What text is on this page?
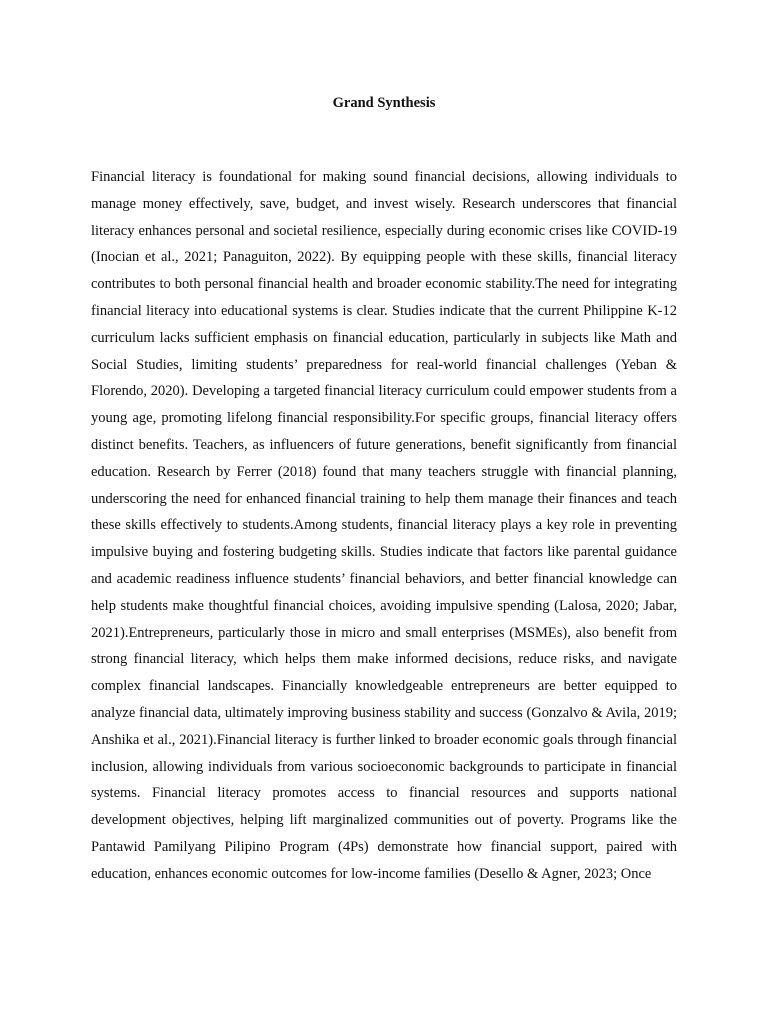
Grand Synthesis

Financial literacy is foundational for making sound financial decisions, allowing individuals to manage money effectively, save, budget, and invest wisely. Research underscores that financial literacy enhances personal and societal resilience, especially during economic crises like COVID-19 (Inocian et al., 2021; Panaguiton, 2022). By equipping people with these skills, financial literacy contributes to both personal financial health and broader economic stability.The need for integrating financial literacy into educational systems is clear. Studies indicate that the current Philippine K-12 curriculum lacks sufficient emphasis on financial education, particularly in subjects like Math and Social Studies, limiting students’ preparedness for real-world financial challenges (Yeban & Florendo, 2020). Developing a targeted financial literacy curriculum could empower students from a young age, promoting lifelong financial responsibility.For specific groups, financial literacy offers distinct benefits. Teachers, as influencers of future generations, benefit significantly from financial education. Research by Ferrer (2018) found that many teachers struggle with financial planning, underscoring the need for enhanced financial training to help them manage their finances and teach these skills effectively to students.Among students, financial literacy plays a key role in preventing impulsive buying and fostering budgeting skills. Studies indicate that factors like parental guidance and academic readiness influence students’ financial behaviors, and better financial knowledge can help students make thoughtful financial choices, avoiding impulsive spending (Lalosa, 2020; Jabar, 2021).Entrepreneurs, particularly those in micro and small enterprises (MSMEs), also benefit from strong financial literacy, which helps them make informed decisions, reduce risks, and navigate complex financial landscapes. Financially knowledgeable entrepreneurs are better equipped to analyze financial data, ultimately improving business stability and success (Gonzalvo & Avila, 2019; Anshika et al., 2021).Financial literacy is further linked to broader economic goals through financial inclusion, allowing individuals from various socioeconomic backgrounds to participate in financial systems. Financial literacy promotes access to financial resources and supports national development objectives, helping lift marginalized communities out of poverty. Programs like the Pantawid Pamilyang Pilipino Program (4Ps) demonstrate how financial support, paired with education, enhances economic outcomes for low-income families (Desello & Agner, 2023; Once
